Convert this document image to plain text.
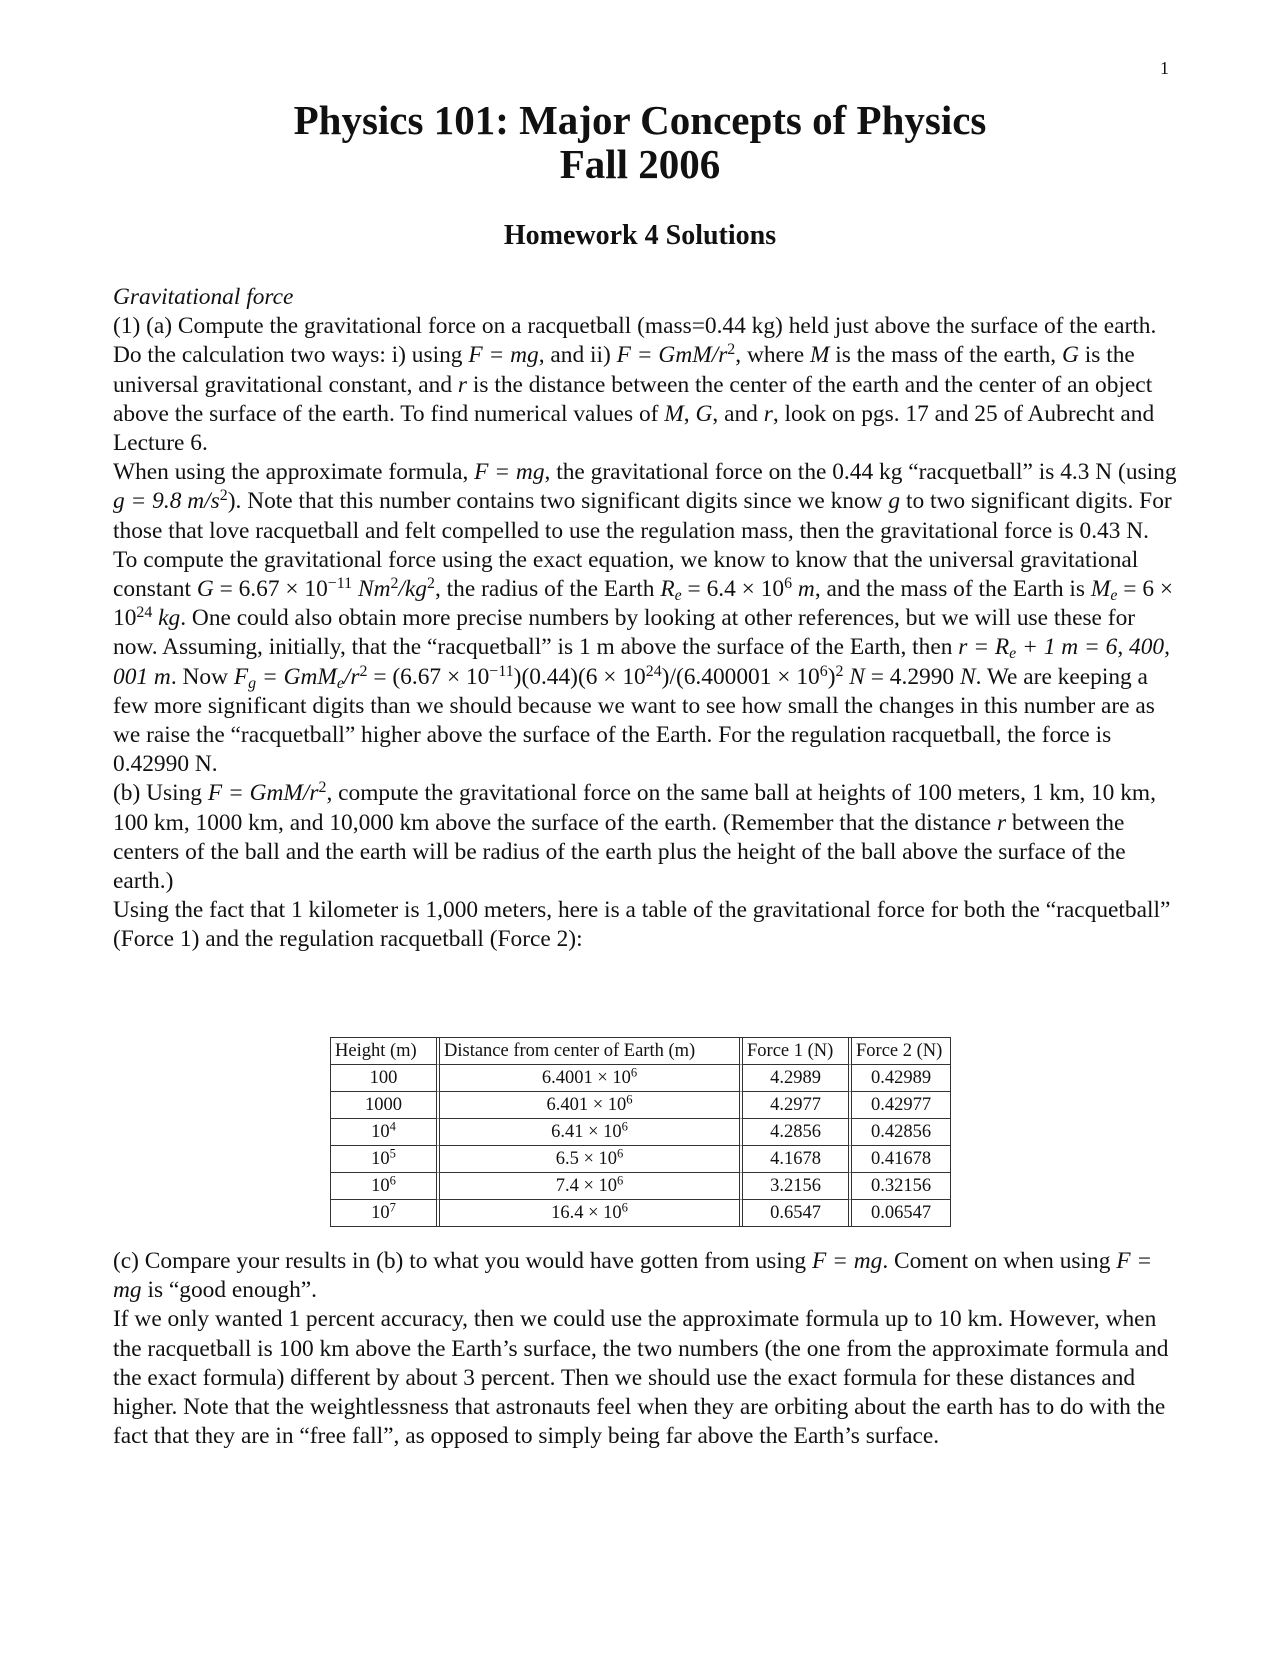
1
Physics 101: Major Concepts of Physics
Fall 2006
Homework 4 Solutions
Gravitational force
(1) (a) Compute the gravitational force on a racquetball (mass=0.44 kg) held just above the surface of the earth. Do the calculation two ways: i) using F = mg, and ii) F = GmM/$r^2$, where M is the mass of the earth, G is the universal gravitational constant, and r is the distance between the center of the earth and the center of an object above the surface of the earth. To find numerical values of M, G, and r, look on pgs. 17 and 25 of Aubrecht and Lecture 6.
When using the approximate formula, F = mg, the gravitational force on the 0.44 kg “racquetball” is 4.3 N (using g = 9.8 $m/s^2$). Note that this number contains two significant digits since we know g to two significant digits. For those that love racquetball and felt compelled to use the regulation mass, then the gravitational force is 0.43 N. To compute the gravitational force using the exact equation, we know to know that the universal gravitational constant $G = 6.67 \times 10^{-11}$ $Nm^2/kg^2$, the radius of the Earth $R_e = 6.4 \times 10^6$ m, and the mass of the Earth is $M_e = 6 \times 10^{24}$ kg. One could also obtain more precise numbers by looking at other references, but we will use these for now. Assuming, initially, that the “racquetball” is 1 m above the surface of the Earth, then $r = R_e + 1$ m = 6, 400, 001 m. Now $F_g = GmM_e/r^2 = (6.67 \times 10^{-11})(0.44)(6 \times 10^{24})/(6.400001 \times 10^6)^2$ N = 4.2990 N. We are keeping a few more significant digits than we should because we want to see how small the changes in this number are as we raise the “racquetball” higher above the surface of the Earth. For the regulation racquetball, the force is 0.42990 N.
(b) Using F = GmM/$r^2$, compute the gravitational force on the same ball at heights of 100 meters, 1 km, 10 km, 100 km, 1000 km, and 10,000 km above the surface of the earth. (Remember that the distance r between the centers of the ball and the earth will be radius of the earth plus the height of the ball above the surface of the earth.)
Using the fact that 1 kilometer is 1,000 meters, here is a table of the gravitational force for both the “racquetball” (Force 1) and the regulation racquetball (Force 2):
Height (m)	Distance from center of Earth (m)	Force 1 (N)	Force 2 (N)
100	$6.4001 \times 10^6$	4.2989	0.42989
1000	$6.401 \times 10^6$	4.2977	0.42977
$10^4$	$6.41 \times 10^6$	4.2856	0.42856
$10^5$	$6.5 \times 10^6$	4.1678	0.41678
$10^6$	$7.4 \times 10^6$	3.2156	0.32156
$10^7$	$16.4 \times 10^6$	0.6547	0.06547
(c) Compare your results in (b) to what you would have gotten from using F = mg. Coment on when using F = mg is “good enough”.
If we only wanted 1 percent accuracy, then we could use the approximate formula up to 10 km. However, when the racquetball is 100 km above the Earth’s surface, the two numbers (the one from the approximate formula and the exact formula) different by about 3 percent. Then we should use the exact formula for these distances and higher. Note that the weightlessness that astronauts feel when they are orbiting about the earth has to do with the fact that they are in “free fall”, as opposed to simply being far above the Earth’s surface.
